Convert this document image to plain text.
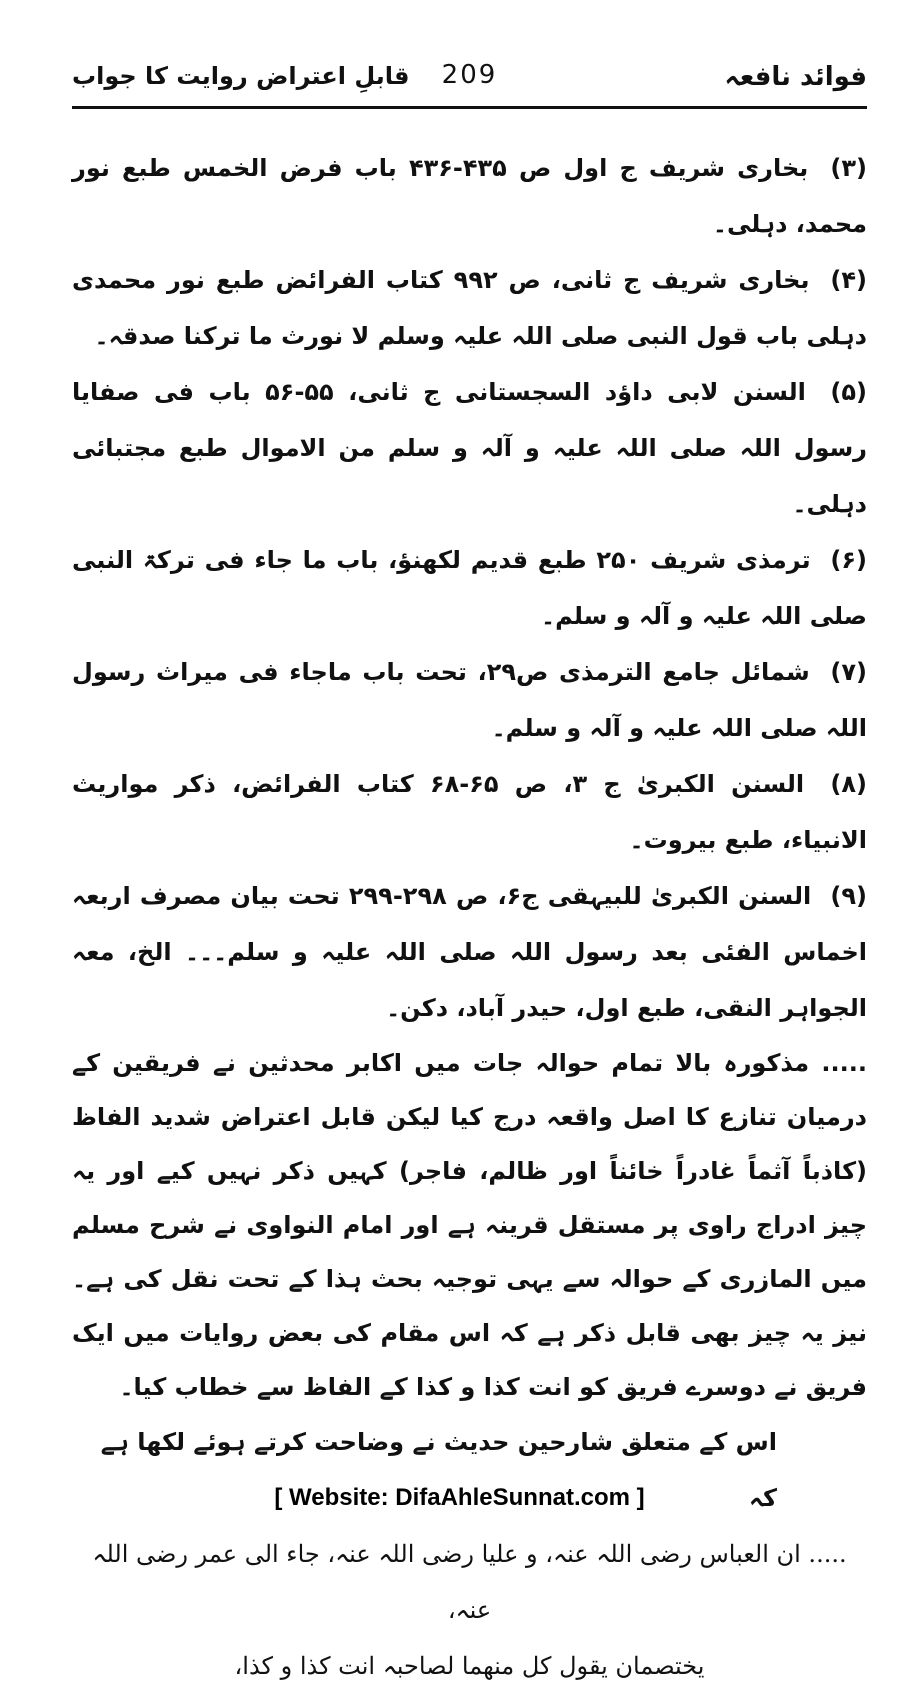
فوائد نافعہ
209
قابلِ اعتراض روایت کا جواب

(۳) بخاری شریف ج اول ص ۴۳۵-۴۳۶ باب فرض الخمس طبع نور محمد، دہلی۔

(۴) بخاری شریف ج ثانی، ص ۹۹۲ کتاب الفرائض طبع نور محمدی دہلی باب قول النبی صلی اللہ علیہ وسلم لا نورث ما ترکنا صدقہ۔

(۵) السنن لابی داؤد السجستانی ج ثانی، ۵۵-۵۶ باب فی صفایا رسول اللہ صلی اللہ علیہ و آلہ و سلم من الاموال طبع مجتبائی دہلی۔

(۶) ترمذی شریف ۲۵۰ طبع قدیم لکھنؤ، باب ما جاء فی ترکۃ النبی صلی اللہ علیہ و آلہ و سلم۔

(۷) شمائل جامع الترمذی ص۲۹، تحت باب ماجاء فی میراث رسول اللہ صلی اللہ علیہ و آلہ و سلم۔

(۸) السنن الکبریٰ ج ۳، ص ۶۵-۶۸ کتاب الفرائض، ذکر مواریث الانبیاء، طبع بیروت۔

(۹) السنن الکبریٰ للبیہقی ج۶، ص ۲۹۸-۲۹۹ تحت بیان مصرف اربعہ اخماس الفئی بعد رسول اللہ صلی اللہ علیہ و سلم۔۔۔ الخ، معہ الجواہر النقی، طبع اول، حیدر آباد، دکن۔

..... مذکورہ بالا تمام حوالہ جات میں اکابر محدثین نے فریقین کے درمیان تنازع کا اصل واقعہ درج کیا لیکن قابل اعتراض شدید الفاظ (کاذباً آثماً غادراً خائناً اور ظالم، فاجر) کہیں ذکر نہیں کیے اور یہ چیز ادراج راوی پر مستقل قرینہ ہے اور امام النواوی نے شرح مسلم میں المازری کے حوالہ سے یہی توجیہ بحث ہذا کے تحت نقل کی ہے۔ نیز یہ چیز بھی قابل ذکر ہے کہ اس مقام کی بعض روایات میں ایک فریق نے دوسرے فریق کو انت کذا و کذا کے الفاظ سے خطاب کیا۔

اس کے متعلق شارحین حدیث نے وضاحت کرتے ہوئے لکھا ہے کہ

..... ان العباس رضی اللہ عنہ، و علیا رضی اللہ عنہ، جاء الی عمر رضی اللہ عنہ،

یختصمان یقول کل منھما لصاحبہ انت کذا و کذا،

[ Website: DifaAhleSunnat.com ]
